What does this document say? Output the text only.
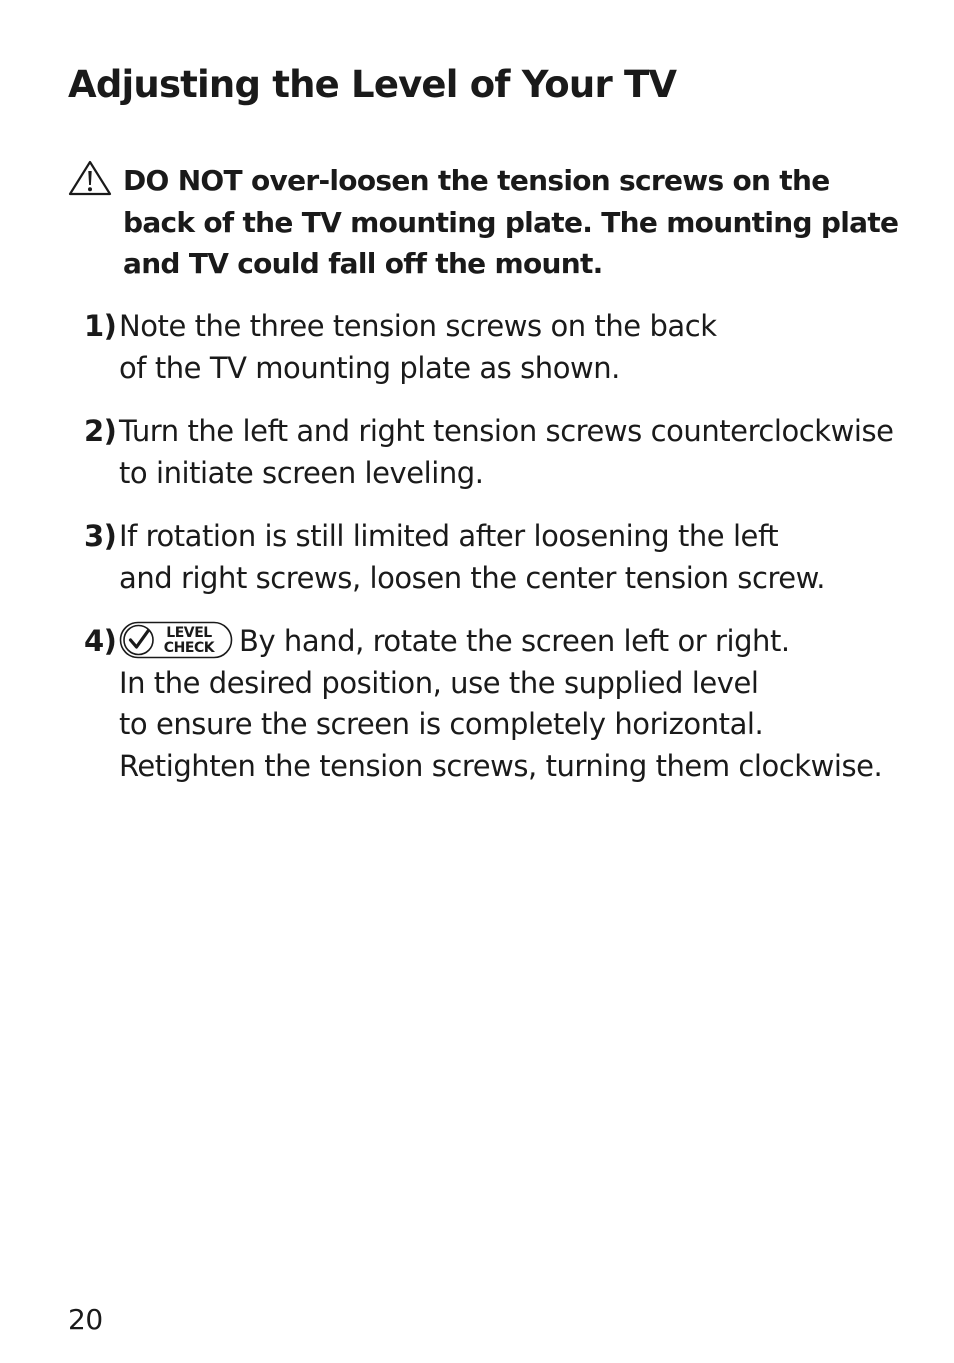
Adjusting the Level of Your TV

DO NOT over-loosen the tension screws on the back of the TV mounting plate. The mounting plate and TV could fall off the mount.

1) Note the three tension screws on the back
of the TV mounting plate as shown.
2) Turn the left and right tension screws counterclockwise
to initiate screen leveling.
3) If rotation is still limited after loosening the left
and right screws, loosen the center tension screw.
4)	LEVEL
CHECK By hand, rotate the screen left or right.
In the desired position, use the supplied level
to ensure the screen is completely horizontal.
Retighten the tension screws, turning them clockwise.
20
